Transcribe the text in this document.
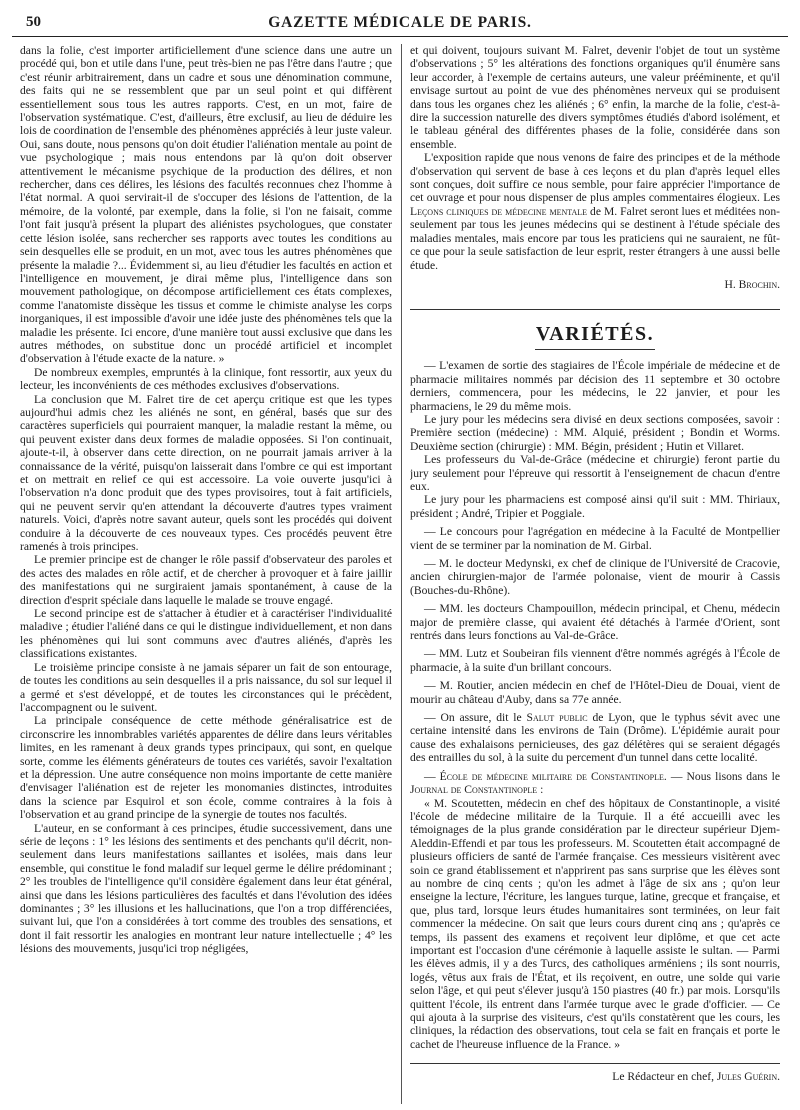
50	GAZETTE MÉDICALE DE PARIS.

dans la folie, c'est importer artificiellement d'une science dans une autre un procédé qui, bon et utile dans l'une, peut très-bien ne pas l'être dans l'autre ; que c'est réunir arbitrairement, dans un cadre et sous une dénomination commune, des faits qui ne se ressemblent que par un seul point et qui diffèrent essentiellement sous tous les autres rapports. C'est, en un mot, faire de l'observation systématique. C'est, d'ailleurs, être exclusif, au lieu de déduire les lois de coordination de l'ensemble des phénomènes appréciés à leur juste valeur. Oui, sans doute, nous pensons qu'on doit étudier l'aliénation mentale au point de vue psychologique ; mais nous entendons par là qu'on doit observer attentivement le mécanisme psychique de la production des délires, et non rechercher, dans ces délires, les lésions des facultés reconnues chez l'homme à l'état normal. A quoi servirait-il de s'occuper des lésions de l'attention, de la mémoire, de la volonté, par exemple, dans la folie, si l'on ne faisait, comme l'ont fait jusqu'à présent la plupart des aliénistes psychologues, que constater cette lésion isolée, sans rechercher ses rapports avec toutes les conditions au sein desquelles elle se produit, en un mot, avec tous les autres phénomènes que présente la maladie ?... Évidemment si, au lieu d'étudier les facultés en action et l'intelligence en mouvement, je dirai même plus, l'intelligence dans son mouvement pathologique, on décompose artificiellement ces états complexes, comme l'anatomiste dissèque les tissus et comme le chimiste analyse les corps inorganiques, il est impossible d'avoir une idée juste des phénomènes tels que la maladie les présente. Ici encore, d'une manière tout aussi exclusive que dans les autres méthodes, on substitue donc un procédé artificiel et incomplet d'observation à l'étude exacte de la nature. »

De nombreux exemples, empruntés à la clinique, font ressortir, aux yeux du lecteur, les inconvénients de ces méthodes exclusives d'observations.

La conclusion que M. Falret tire de cet aperçu critique est que les types aujourd'hui admis chez les aliénés ne sont, en général, basés que sur des caractères superficiels qui pourraient manquer, la maladie restant la même, ou qui peuvent exister dans deux formes de maladie opposées. Si l'on continuait, ajoute-t-il, à observer dans cette direction, on ne pourrait jamais arriver à la connaissance de la vérité, puisqu'on laisserait dans l'ombre ce qui est important et on mettrait en relief ce qui est accessoire. La voie ouverte jusqu'ici à l'observation n'a donc produit que des types provisoires, tout à fait artificiels, qui ne peuvent servir qu'en attendant la découverte d'autres types vraiment naturels. Voici, d'après notre savant auteur, quels sont les procédés qui doivent conduire à la découverte de ces nouveaux types. Ces procédés peuvent être ramenés à trois principes.

Le premier principe est de changer le rôle passif d'observateur des paroles et des actes des malades en rôle actif, et de chercher à provoquer et à faire jaillir des manifestations qui ne surgiraient jamais spontanément, à cause de la direction d'esprit spéciale dans laquelle le malade se trouve engagé.

Le second principe est de s'attacher à étudier et à caractériser l'individualité maladive ; étudier l'aliéné dans ce qui le distingue individuellement, et non dans les phénomènes qui lui sont communs avec d'autres aliénés, d'après les classifications existantes.

Le troisième principe consiste à ne jamais séparer un fait de son entourage, de toutes les conditions au sein desquelles il a pris naissance, du sol sur lequel il a germé et s'est développé, et de toutes les circonstances qui le précèdent, l'accompagnent ou le suivent.

La principale conséquence de cette méthode généralisatrice est de circonscrire les innombrables variétés apparentes de délire dans leurs véritables limites, en les ramenant à deux grands types principaux, qui sont, en quelque sorte, comme les éléments générateurs de toutes ces variétés, savoir l'exaltation et la dépression. Une autre conséquence non moins importante de cette manière d'envisager l'aliénation est de rejeter les monomanies distinctes, introduites dans la science par Esquirol et son école, comme contraires à la fois à l'observation et au grand principe de la synergie de toutes nos facultés.

L'auteur, en se conformant à ces principes, étudie successivement, dans une série de leçons : 1° les lésions des sentiments et des penchants qu'il décrit, non-seulement dans leurs manifestations saillantes et isolées, mais dans leur ensemble, qui constitue le fond maladif sur lequel germe le délire prédominant ; 2° les troubles de l'intelligence qu'il considère également dans leur état général, ainsi que dans les lésions particulières des facultés et dans l'évolution des idées dominantes ; 3° les illusions et les hallucinations, que l'on a trop différenciées, suivant lui, que l'on a considérées à tort comme des troubles des sensations, et dont il fait ressortir les analogies en montrant leur nature intellectuelle ; 4° les lésions des mouvements, jusqu'ici trop négligées,

et qui doivent, toujours suivant M. Falret, devenir l'objet de tout un système d'observations ; 5° les altérations des fonctions organiques qu'il énumère sans leur accorder, à l'exemple de certains auteurs, une valeur prééminente, et qu'il envisage surtout au point de vue des phénomènes nerveux qui se produisent dans tous les organes chez les aliénés ; 6° enfin, la marche de la folie, c'est-à-dire la succession naturelle des divers symptômes étudiés d'abord isolément, et le tableau général des différentes phases de la folie, considérée dans son ensemble.

L'exposition rapide que nous venons de faire des principes et de la méthode d'observation qui servent de base à ces leçons et du plan d'après lequel elles sont conçues, doit suffire ce nous semble, pour faire apprécier l'importance de cet ouvrage et pour nous dispenser de plus amples commentaires élogieux. Les Leçons cliniques de médecine mentale de M. Falret seront lues et méditées non-seulement par tous les jeunes médecins qui se destinent à l'étude spéciale des maladies mentales, mais encore par tous les praticiens qui ne sauraient, ne fût-ce que pour la seule satisfaction de leur esprit, rester étrangers à une aussi belle étude.

H. Brochin.

VARIÉTÉS.

— L'examen de sortie des stagiaires de l'École impériale de médecine et de pharmacie militaires nommés par décision des 11 septembre et 30 octobre derniers, commencera, pour les médecins, le 22 janvier, et pour les pharmaciens, le 29 du même mois.

Le jury pour les médecins sera divisé en deux sections composées, savoir : Première section (médecine) : MM. Alquié, président ; Bondin et Worms. Deuxième section (chirurgie) : MM. Bégin, président ; Hutin et Villaret.

Les professeurs du Val-de-Grâce (médecine et chirurgie) feront partie du jury seulement pour l'épreuve qui ressortit à l'enseignement de chacun d'entre eux.

Le jury pour les pharmaciens est composé ainsi qu'il suit : MM. Thiriaux, président ; André, Tripier et Poggiale.

— Le concours pour l'agrégation en médecine à la Faculté de Montpellier vient de se terminer par la nomination de M. Girbal.

— M. le docteur Medynski, ex chef de clinique de l'Université de Cracovie, ancien chirurgien-major de l'armée polonaise, vient de mourir à Cassis (Bouches-du-Rhône).

— MM. les docteurs Champouillon, médecin principal, et Chenu, médecin major de première classe, qui avaient été détachés à l'armée d'Orient, sont rentrés dans leurs fonctions au Val-de-Grâce.

— MM. Lutz et Soubeiran fils viennent d'être nommés agrégés à l'École de pharmacie, à la suite d'un brillant concours.

— M. Routier, ancien médecin en chef de l'Hôtel-Dieu de Douai, vient de mourir au château d'Auby, dans sa 77e année.

— On assure, dit le Salut public de Lyon, que le typhus sévit avec une certaine intensité dans les environs de Tain (Drôme). L'épidémie aurait pour cause des exhalaisons pernicieuses, des gaz délétères qui se seraient dégagés des entrailles du sol, à la suite du percement d'un tunnel dans cette localité.

— École de médecine militaire de Constantinople. — Nous lisons dans le Journal de Constantinople :

« M. Scoutetten, médecin en chef des hôpitaux de Constantinople, a visité l'école de médecine militaire de la Turquie. Il a été accueilli avec les témoignages de la plus grande considération par le directeur supérieur Djem-Aleddin-Effendi et par tous les professeurs. M. Scoutetten était accompagné de plusieurs officiers de santé de l'armée française. Ces messieurs visitèrent avec soin ce grand établissement et n'apprirent pas sans surprise que les élèves sont au nombre de cinq cents ; qu'on les admet à l'âge de six ans ; qu'on leur enseigne la lecture, l'écriture, les langues turque, latine, grecque et française, et que, plus tard, lorsque leurs études humanitaires sont terminées, on leur fait commencer la médecine. On sait que leurs cours durent cinq ans ; qu'après ce temps, ils passent des examens et reçoivent leur diplôme, et que cet acte important est l'occasion d'une cérémonie à laquelle assiste le sultan. — Parmi les élèves admis, il y a des Turcs, des catholiques arméniens ; ils sont nourris, logés, vêtus aux frais de l'État, et ils reçoivent, en outre, une solde qui varie selon l'âge, et qui peut s'élever jusqu'à 150 piastres (40 fr.) par mois. Lorsqu'ils quittent l'école, ils entrent dans l'armée turque avec le grade d'officier. — Ce qui ajouta à la surprise des visiteurs, c'est qu'ils constatèrent que les cours, les cliniques, la rédaction des observations, tout cela se fait en français et porte le cachet de l'heureuse influence de la France. »

Le Rédacteur en chef, Jules Guérin.
